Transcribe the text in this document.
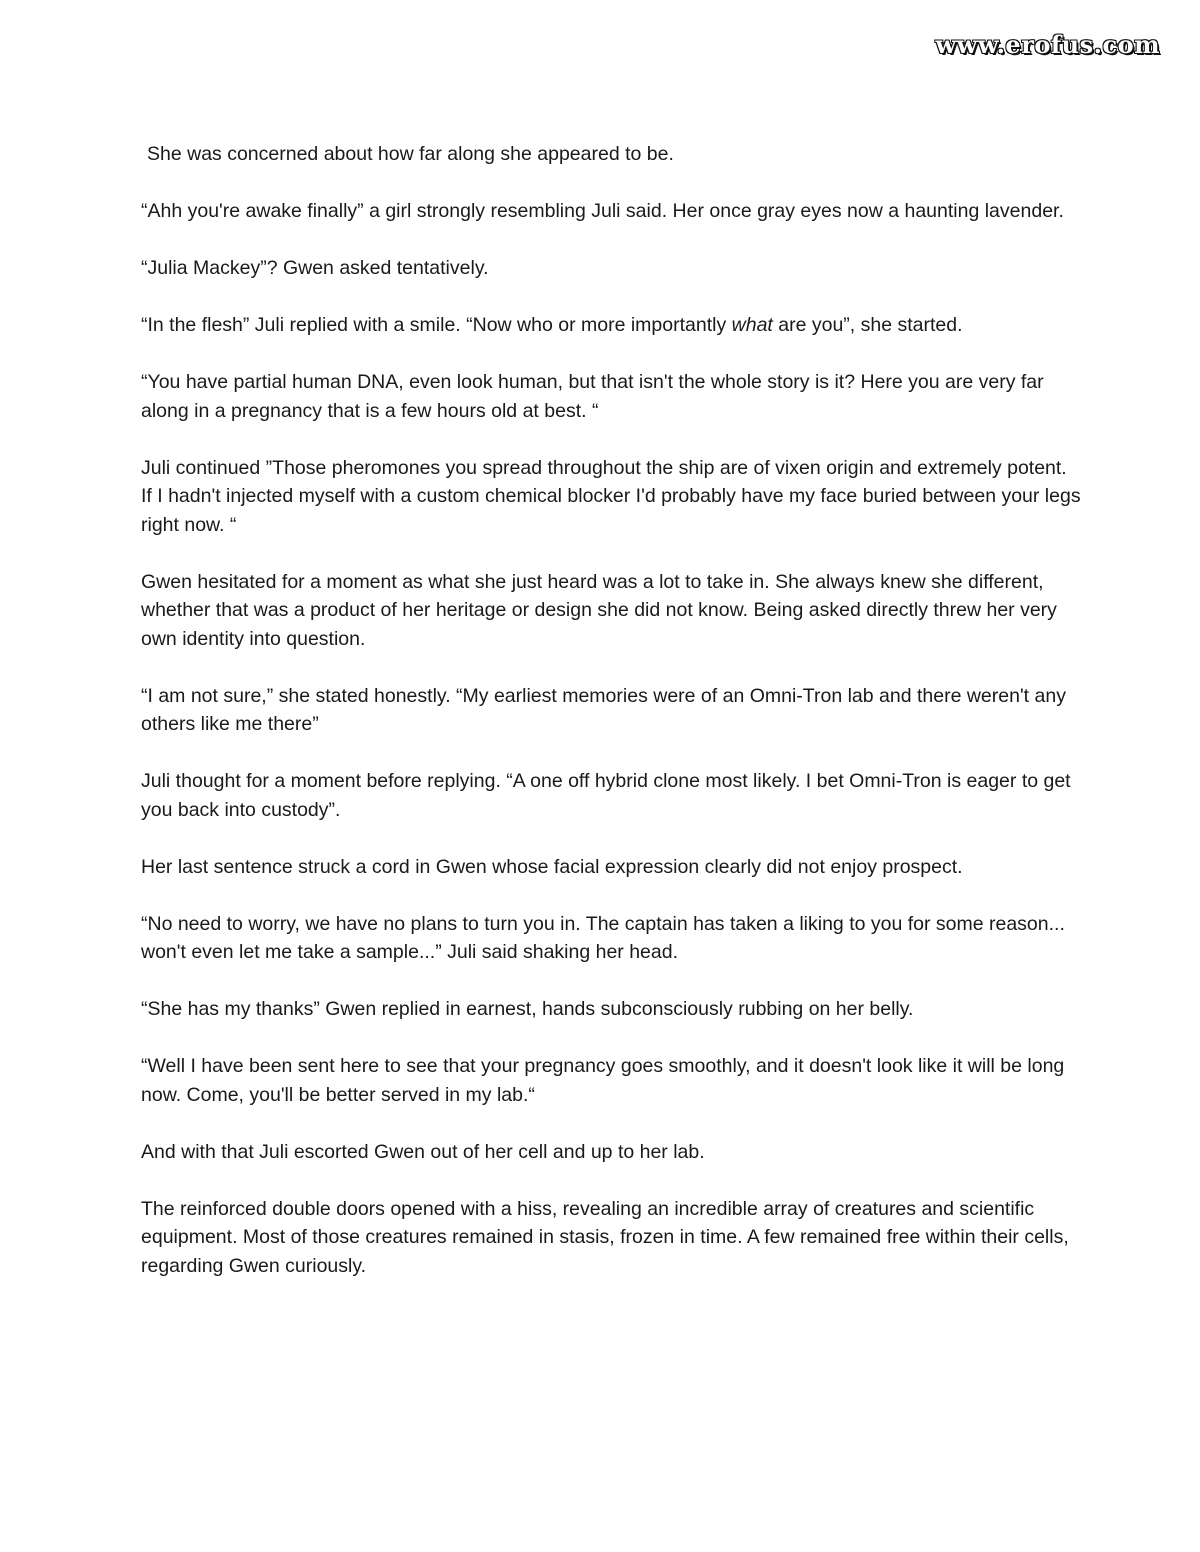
www.erofus.com

She was concerned about how far along she appeared to be.

“Ahh you're awake finally” a girl strongly resembling Juli said. Her once gray eyes now a haunting lavender.

“Julia Mackey”? Gwen asked tentatively.

“In the flesh” Juli replied with a smile. “Now who or more importantly what are you”, she started.

“You have partial human DNA, even look human, but that isn't the whole story is it? Here you are very far along in a pregnancy that is a few hours old at best. “

Juli continued ”Those pheromones you spread throughout the ship are of vixen origin and extremely potent. If I hadn't injected myself with a custom chemical blocker I'd probably have my face buried between your legs right now. “

Gwen hesitated for a moment as what she just heard was a lot to take in. She always knew she different, whether that was a product of her heritage or design she did not know. Being asked directly threw her very own identity into question.

“I am not sure,” she stated honestly. “My earliest memories were of an Omni-Tron lab and there weren't any others like me there”

Juli thought for a moment before replying. “A one off hybrid clone most likely. I bet Omni-Tron is eager to get you back into custody”.

Her last sentence struck a cord in Gwen whose facial expression clearly did not enjoy prospect.

“No need to worry, we have no plans to turn you in. The captain has taken a liking to you for some reason... won't even let me take a sample...” Juli said shaking her head.

“She has my thanks” Gwen replied in earnest, hands subconsciously rubbing on her belly.

“Well I have been sent here to see that your pregnancy goes smoothly, and it doesn't look like it will be long now. Come, you'll be better served in my lab.“

And with that Juli escorted Gwen out of her cell and up to her lab.

The reinforced double doors opened with a hiss, revealing an incredible array of creatures and scientific equipment. Most of those creatures remained in stasis, frozen in time. A few remained free within their cells, regarding Gwen curiously.
